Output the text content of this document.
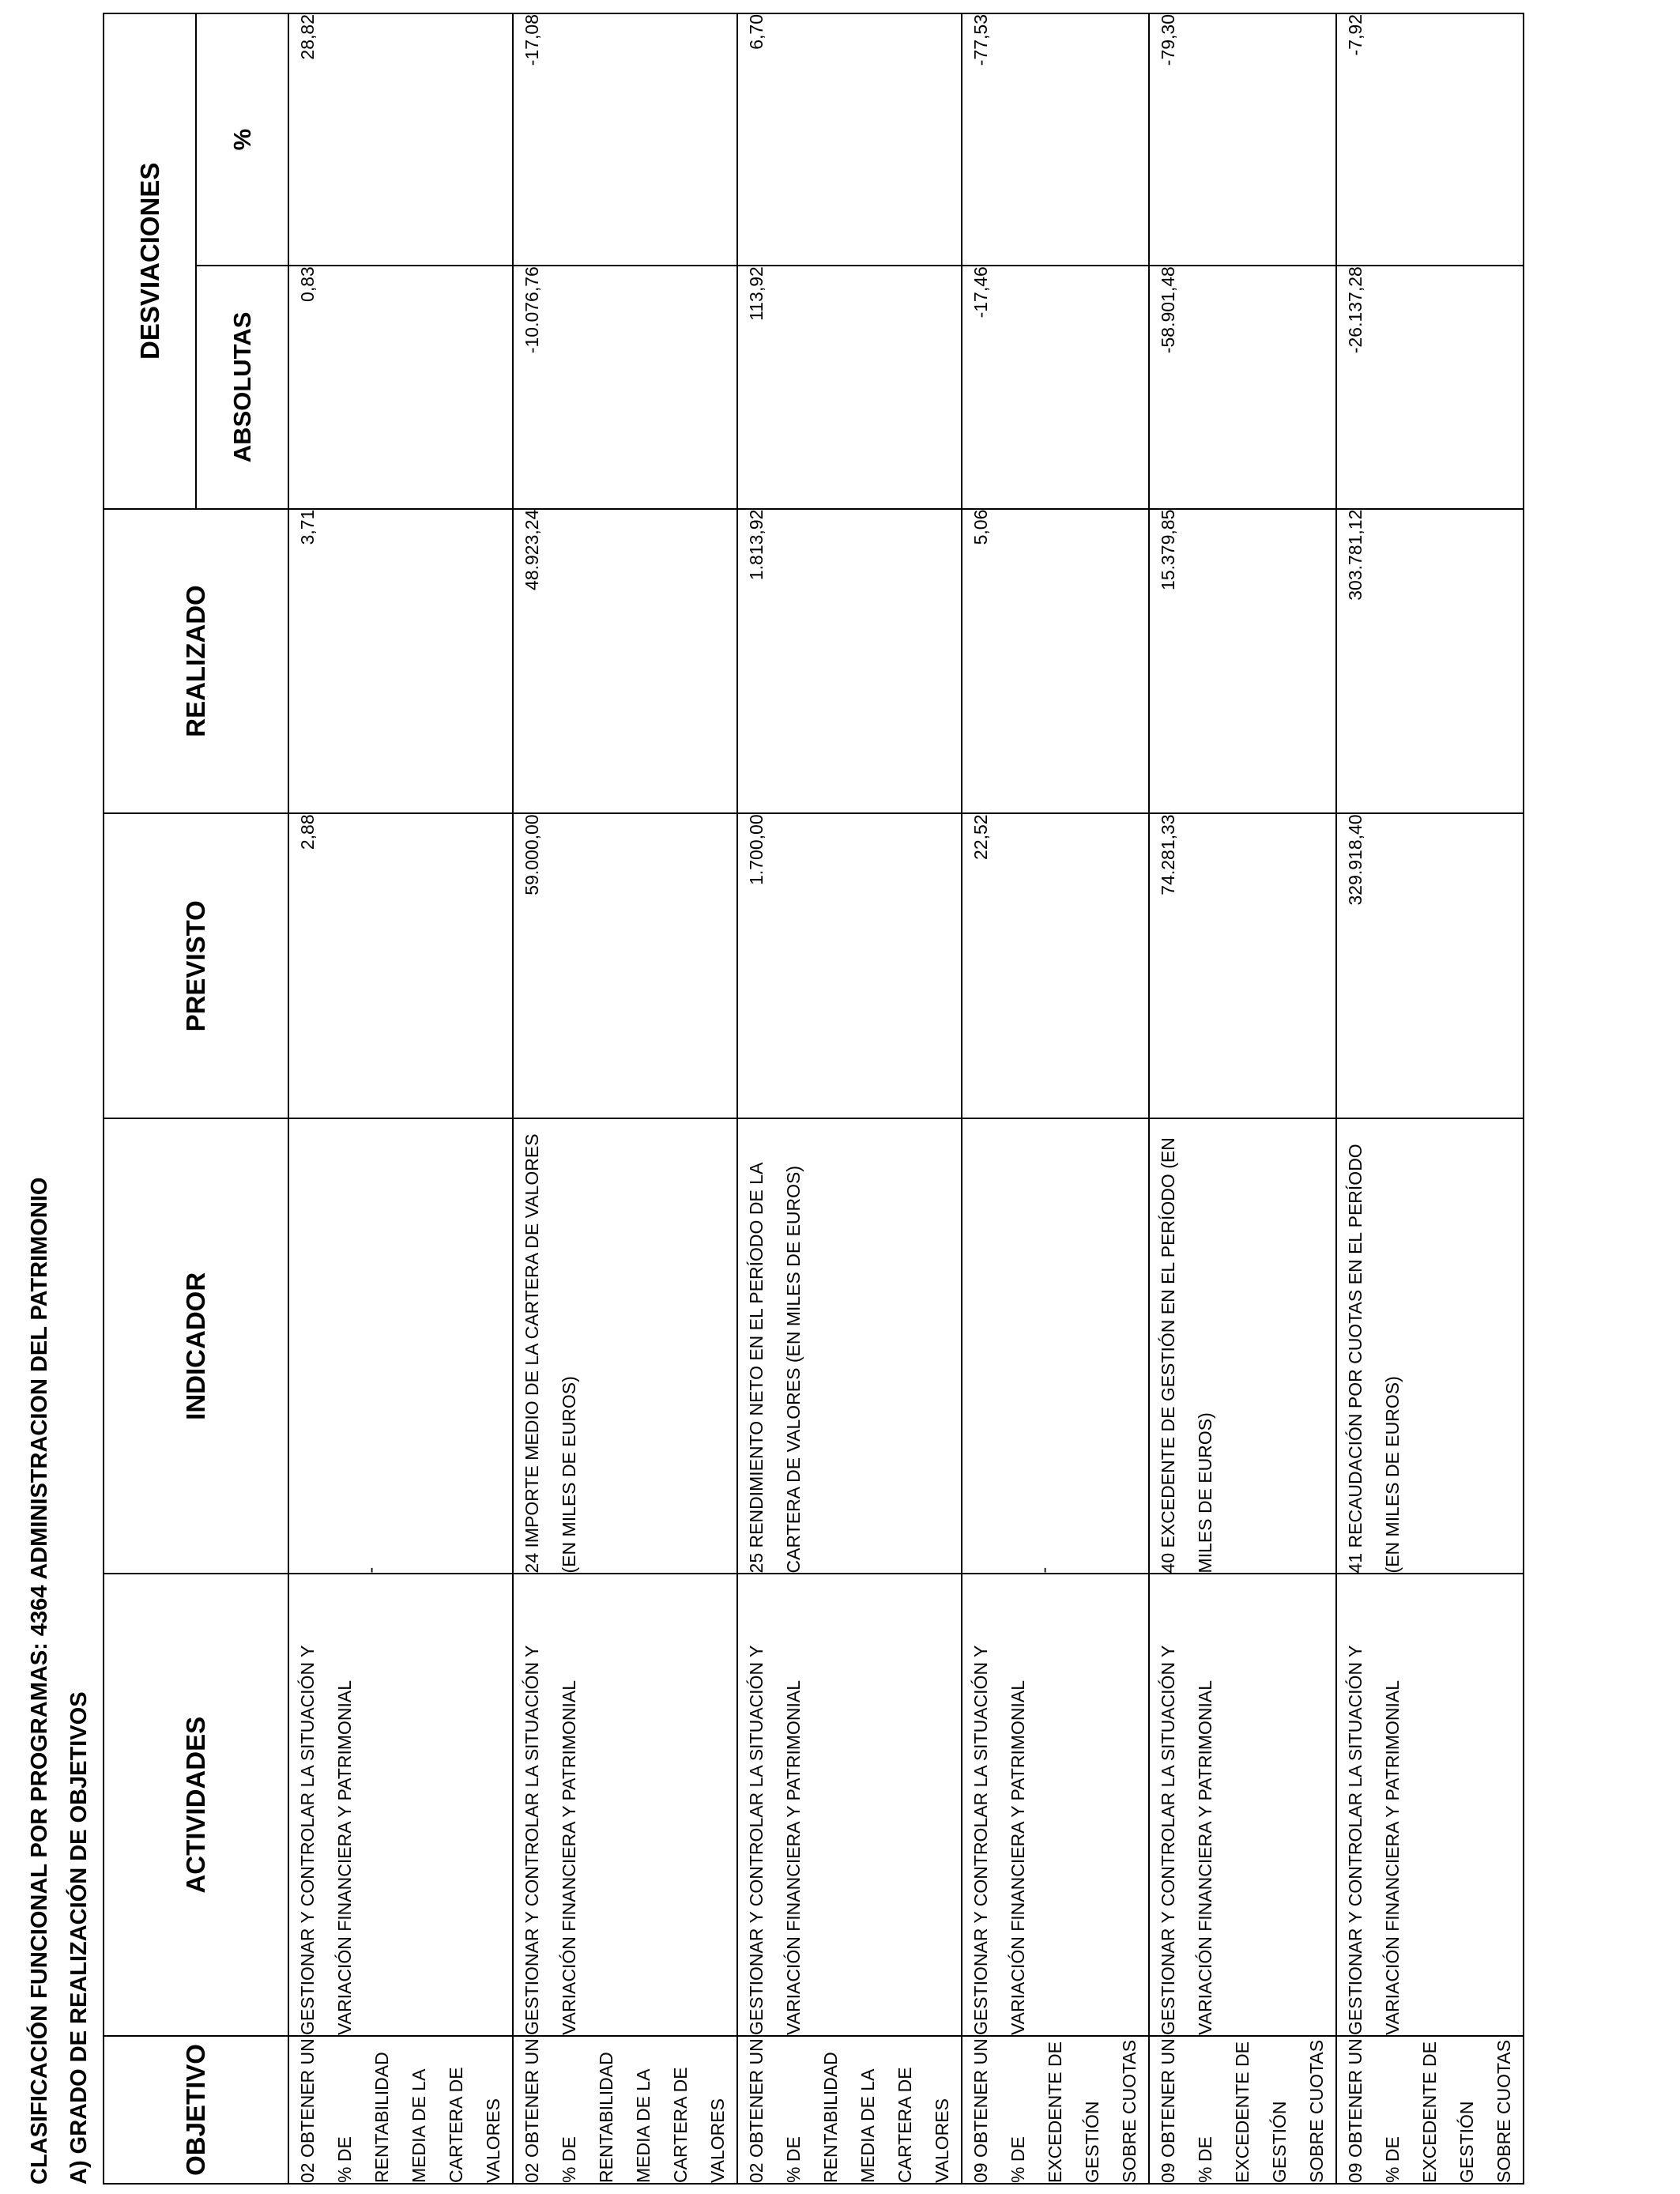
CLASIFICACIÓN FUNCIONAL POR PROGRAMAS: 4364 ADMINISTRACION DEL PATRIMONIO A) GRADO DE REALIZACIÓN DE OBJETIVOS	OBJETIVO	ACTIVIDADES	INDICADOR	PREVISTO	REALIZADO	DESVIACIONES	
					ABSOLUTAS	%
02 OBTENER UN % DE RENTABILIDAD MEDIA DE LA CARTERA DE VALORES	GESTIONAR Y CONTROLAR LA SITUACIÓN Y VARIACIÓN FINANCIERA Y PATRIMONIAL	-	2,88	3,71	0,83	28,82
02 OBTENER UN % DE RENTABILIDAD MEDIA DE LA CARTERA DE VALORES	GESTIONAR Y CONTROLAR LA SITUACIÓN Y VARIACIÓN FINANCIERA Y PATRIMONIAL	24 IMPORTE MEDIO DE LA CARTERA DE VALORES (EN MILES DE EUROS)	59.000,00	48.923,24	-10.076,76	-17,08
02 OBTENER UN % DE RENTABILIDAD MEDIA DE LA CARTERA DE VALORES	GESTIONAR Y CONTROLAR LA SITUACIÓN Y VARIACIÓN FINANCIERA Y PATRIMONIAL	25 RENDIMIENTO NETO EN EL PERÍODO DE LA CARTERA DE VALORES (EN MILES DE EUROS)	1.700,00	1.813,92	113,92	6,70
09 OBTENER UN % DE EXCEDENTE DE GESTIÓN SOBRE CUOTAS	GESTIONAR Y CONTROLAR LA SITUACIÓN Y VARIACIÓN FINANCIERA Y PATRIMONIAL	-	22,52	5,06	-17,46	-77,53
09 OBTENER UN % DE EXCEDENTE DE GESTIÓN SOBRE CUOTAS	GESTIONAR Y CONTROLAR LA SITUACIÓN Y VARIACIÓN FINANCIERA Y PATRIMONIAL	40 EXCEDENTE DE GESTIÓN EN EL PERÍODO (EN MILES DE EUROS)	74.281,33	15.379,85	-58.901,48	-79,30
09 OBTENER UN % DE EXCEDENTE DE GESTIÓN SOBRE CUOTAS	GESTIONAR Y CONTROLAR LA SITUACIÓN Y VARIACIÓN FINANCIERA Y PATRIMONIAL	41 RECAUDACIÓN POR CUOTAS EN EL PERÍODO (EN MILES DE EUROS)	329.918,40	303.781,12	-26.137,28	-7,92
